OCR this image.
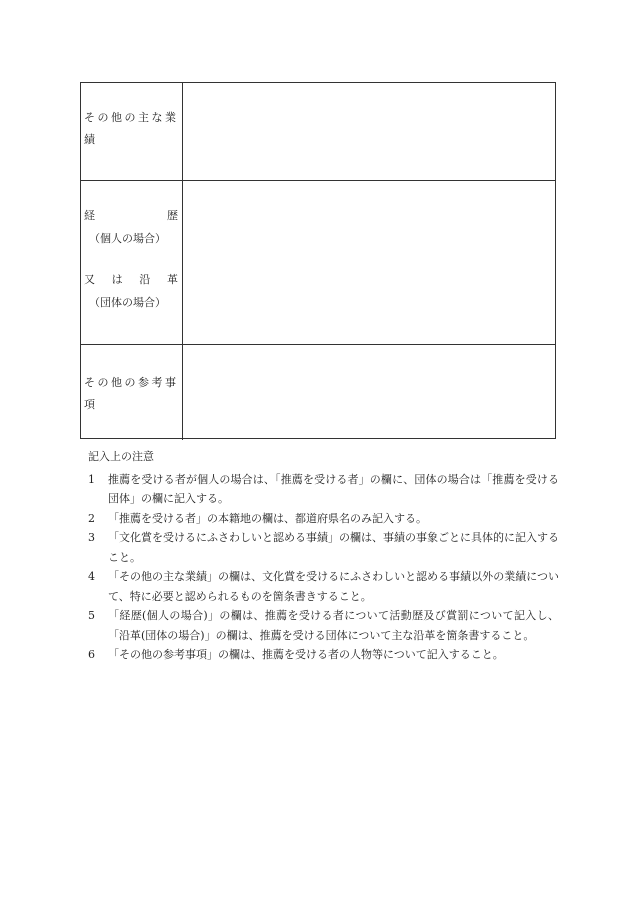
その他の主な業績
経	歴
（個人の場合）
又 は 沿 革
（団体の場合）
その他の参考事項
記入上の注意
1	推薦を受ける者が個人の場合は、「推薦を受ける者」の欄に、団体の場合は「推薦を受ける団体」の欄に記入する。
2	「推薦を受ける者」の本籍地の欄は、都道府県名のみ記入する。
3	「文化賞を受けるにふさわしいと認める事績」の欄は、事績の事象ごとに具体的に記入すること。
4	「その他の主な業績」の欄は、文化賞を受けるにふさわしいと認める事績以外の業績について、特に必要と認められるものを箇条書きすること。
5	「経歴(個人の場合)」の欄は、推薦を受ける者について活動歴及び賞罰について記入し、「沿革(団体の場合)」の欄は、推薦を受ける団体について主な沿革を箇条書すること。
6	「その他の参考事項」の欄は、推薦を受ける者の人物等について記入すること。
